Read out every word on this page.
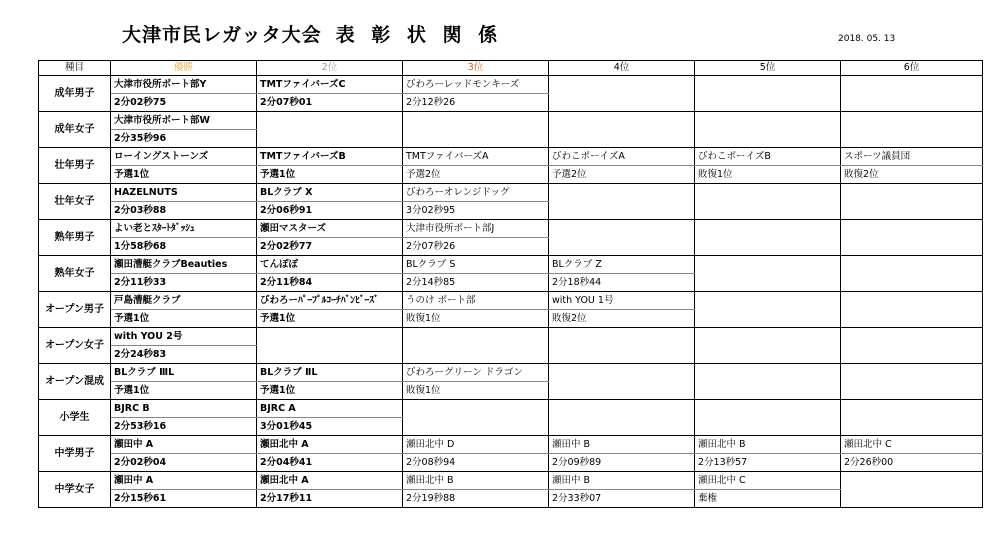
大津市民レガッタ大会 表 彰 状 関 係	2018. 05. 13
種目	優勝	2位	3位	4位	5位	6位
成年男子	大津市役所ボート部Y	TMTファイバーズC	びわろーレッドモンキーズ			
	2分02秒75	2分07秒01	2分12秒26			
成年女子	大津市役所ボート部W					
	2分35秒96					
壮年男子	ローイングストーンズ	TMTファイバーズB	TMTファイバーズA	びわこボーイズA	びわこボーイズB	スポーツ議員団
	予選1位	予選1位	予選2位	予選2位	敗復1位	敗復2位
壮年女子	HAZELNUTS	BLクラブ X	びわろーオレンジドッグ			
	2分03秒88	2分06秒91	3分02秒95			
熟年男子	よい老とｽﾀｰﾄﾀﾞｯｼｭ	瀬田マスターズ	大津市役所ボート部J			
	1分58秒68	2分02秒77	2分07秒26			
熟年女子	瀬田漕艇クラブBeauties	てんぽぽ	BLクラブ S	BLクラブ Z		
	2分11秒33	2分11秒84	2分14秒85	2分18秒44		
オープン男子	戸島漕艇クラブ	びわろーﾊﾟｰﾌﾟﾙｺｰﾁﾊﾞﾝﾋﾞｰｽﾞ	うのけ ボート部	with YOU 1号		
	予選1位	予選1位	敗復1位	敗復2位		
オープン女子	with YOU 2号					
	2分24秒83					
オープン混成	BLクラブ ⅢL	BLクラブ ⅡL	びわろーグリーン ドラゴン			
	予選1位	予選1位	敗復1位			
小学生	BJRC B	BJRC A				
	2分53秒16	3分01秒45				
中学男子	瀬田中 A	瀬田北中 A	瀬田北中 D	瀬田中 B	瀬田北中 B	瀬田北中 C
	2分02秒04	2分04秒41	2分08秒94	2分09秒89	2分13秒57	2分26秒00
中学女子	瀬田中 A	瀬田北中 A	瀬田北中 B	瀬田中 B	瀬田北中 C	
	2分15秒61	2分17秒11	2分19秒88	2分33秒07	棄権	
